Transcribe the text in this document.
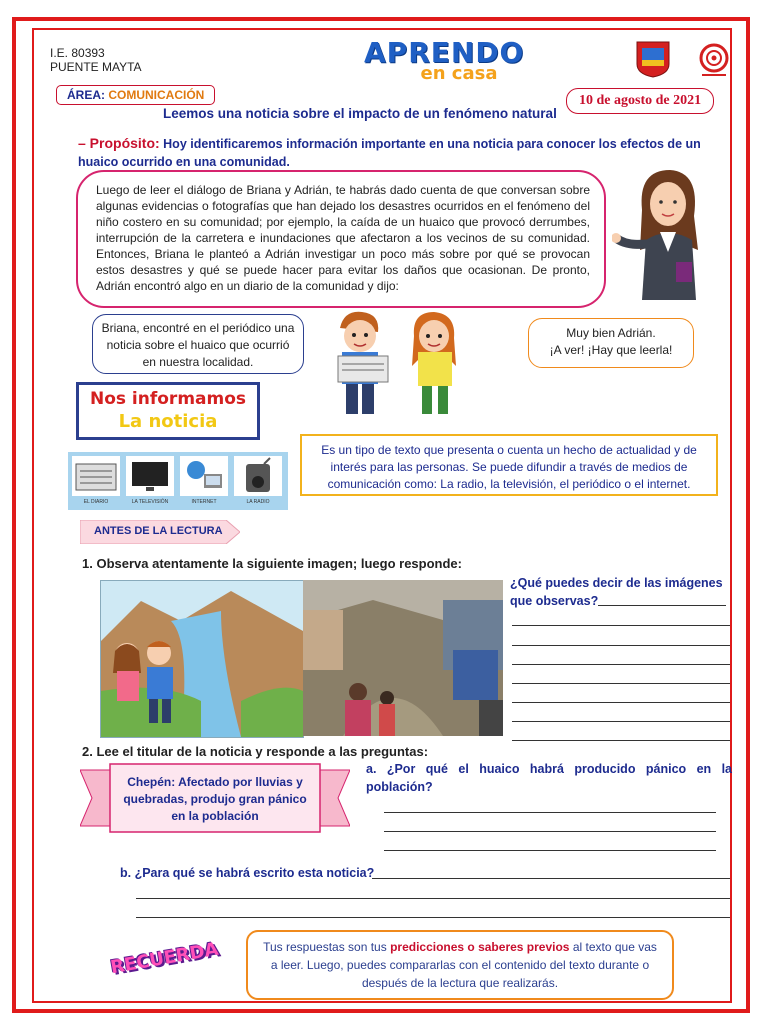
I.E. 80393
PUENTE MAYTA	APRENDO
en casa
ÁREA: COMUNICACIÓN
Leemos una noticia sobre el impacto de un fenómeno natural
10 de agosto de 2021
– Propósito: Hoy identificaremos información importante en una noticia para conocer los efectos de un huaico ocurrido en una comunidad.
Luego de leer el diálogo de Briana y Adrián, te habrás dado cuenta de que conversan sobre algunas evidencias o fotografías que han dejado los desastres ocurridos en el fenómeno del niño costero en su comunidad; por ejemplo, la caída de un huaico que provocó derrumbes, interrupción de la carretera e inundaciones que afectaron a los vecinos de su comunidad. Entonces, Briana le planteó a Adrián investigar un poco más sobre por qué se provocan estos desastres y qué se puede hacer para evitar los daños que ocasionan. De pronto, Adrián encontró algo en un diario de la comunidad y dijo:
Briana, encontré en el periódico una noticia sobre el huaico que ocurrió en nuestra localidad.
Muy bien Adrián.
¡A ver! ¡Hay que leerla!
Nos informamos
La noticia
EL DIARIO	LA TELEVISIÓN	INTERNET	LA RADIO
Es un tipo de texto que presenta o cuenta un hecho de actualidad y de interés para las personas. Se puede difundir a través de medios de comunicación como: La radio, la televisión, el periódico o el internet.
ANTES DE LA LECTURA
1. Observa atentamente la siguiente imagen; luego responde:
¿Qué puedes decir de las imágenes que observas?
2. Lee el titular de la noticia y responde a las preguntas:
Chepén: Afectado por lluvias y quebradas, produjo gran pánico en la población
a. ¿Por qué el huaico habrá producido pánico en la población?
b. ¿Para qué se habrá escrito esta noticia?
RECUERDA	Tus respuestas son tus predicciones o saberes previos al texto que vas a leer. Luego, puedes compararlas con el contenido del texto durante o después de la lectura que realizarás.
